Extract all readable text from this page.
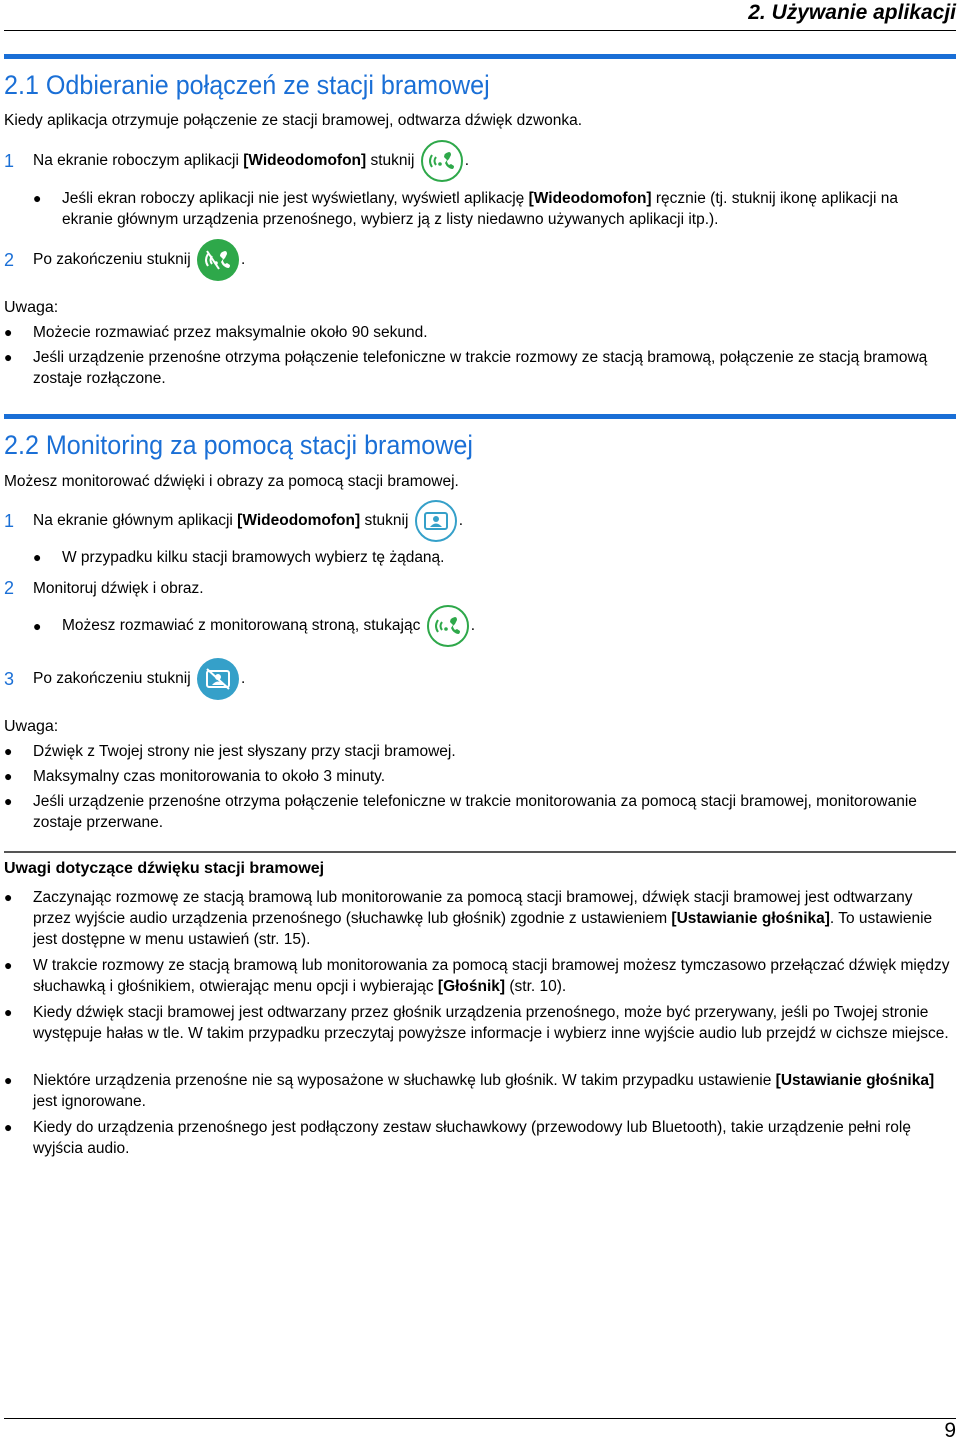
2. Używanie aplikacji
2.1 Odbieranie połączeń ze stacji bramowej
Kiedy aplikacja otrzymuje połączenie ze stacji bramowej, odtwarza dźwięk dzwonka.
1	Na ekranie roboczym aplikacji [Wideodomofon] stuknij	.
●	Jeśli ekran roboczy aplikacji nie jest wyświetlany, wyświetl aplikację [Wideodomofon] ręcznie (tj. stuknij ikonę aplikacji na ekranie głównym urządzenia przenośnego, wybierz ją z listy niedawno używanych aplikacji itp.).
2	Po zakończeniu stuknij	.
Uwaga:
●	Możecie rozmawiać przez maksymalnie około 90 sekund.
●	Jeśli urządzenie przenośne otrzyma połączenie telefoniczne w trakcie rozmowy ze stacją bramową, połączenie ze stacją bramową zostaje rozłączone.
2.2 Monitoring za pomocą stacji bramowej
Możesz monitorować dźwięki i obrazy za pomocą stacji bramowej.
1	Na ekranie głównym aplikacji [Wideodomofon] stuknij	.
●	W przypadku kilku stacji bramowych wybierz tę żądaną.
2	Monitoruj dźwięk i obraz.
●	Możesz rozmawiać z monitorowaną stroną, stukając	.
3	Po zakończeniu stuknij	.
Uwaga:
●	Dźwięk z Twojej strony nie jest słyszany przy stacji bramowej.
●	Maksymalny czas monitorowania to około 3 minuty.
●	Jeśli urządzenie przenośne otrzyma połączenie telefoniczne w trakcie monitorowania za pomocą stacji bramowej, monitorowanie zostaje przerwane.
Uwagi dotyczące dźwięku stacji bramowej
●	Zaczynając rozmowę ze stacją bramową lub monitorowanie za pomocą stacji bramowej, dźwięk stacji bramowej jest odtwarzany przez wyjście audio urządzenia przenośnego (słuchawkę lub głośnik) zgodnie z ustawieniem [Ustawianie głośnika]. To ustawienie jest dostępne w menu ustawień (str. 15).
●	W trakcie rozmowy ze stacją bramową lub monitorowania za pomocą stacji bramowej możesz tymczasowo przełączać dźwięk między słuchawką i głośnikiem, otwierając menu opcji i wybierając [Głośnik] (str. 10).
●	Kiedy dźwięk stacji bramowej jest odtwarzany przez głośnik urządzenia przenośnego, może być przerywany, jeśli po Twojej stronie występuje hałas w tle. W takim przypadku przeczytaj powyższe informacje i wybierz inne wyjście audio lub przejdź w cichsze miejsce.
●	Niektóre urządzenia przenośne nie są wyposażone w słuchawkę lub głośnik. W takim przypadku ustawienie [Ustawianie głośnika] jest ignorowane.
●	Kiedy do urządzenia przenośnego jest podłączony zestaw słuchawkowy (przewodowy lub Bluetooth), takie urządzenie pełni rolę wyjścia audio.
9
